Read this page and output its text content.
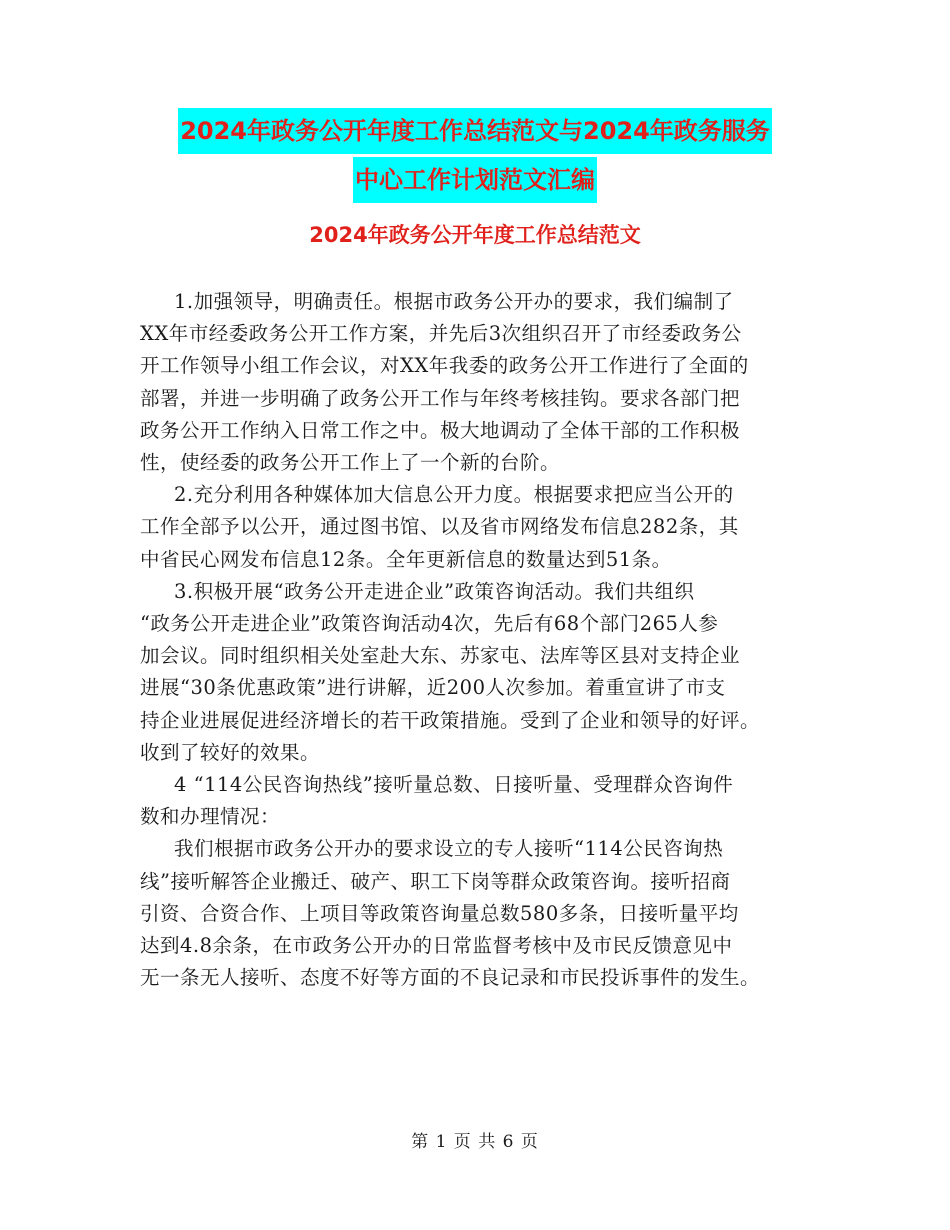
2024年政务公开年度工作总结范文与2024年政务服务
中心工作计划范文汇编
2024年政务公开年度工作总结范文
1.加强领导，明确责任。根据市政务公开办的要求，我们编制了
XX年市经委政务公开工作方案，并先后3次组织召开了市经委政务公
开工作领导小组工作会议，对XX年我委的政务公开工作进行了全面的
部署，并进一步明确了政务公开工作与年终考核挂钩。要求各部门把
政务公开工作纳入日常工作之中。极大地调动了全体干部的工作积极
性，使经委的政务公开工作上了一个新的台阶。
2.充分利用各种媒体加大信息公开力度。根据要求把应当公开的
工作全部予以公开，通过图书馆、以及省市网络发布信息282条，其
中省民心网发布信息12条。全年更新信息的数量达到51条。
3.积极开展“政务公开走进企业”政策咨询活动。我们共组织
“政务公开走进企业”政策咨询活动4次，先后有68个部门265人参
加会议。同时组织相关处室赴大东、苏家屯、法库等区县对支持企业
进展“30条优惠政策”进行讲解，近200人次参加。着重宣讲了市支
持企业进展促进经济增长的若干政策措施。受到了企业和领导的好评。
收到了较好的效果。
4 “114公民咨询热线”接听量总数、日接听量、受理群众咨询件
数和办理情况：
我们根据市政务公开办的要求设立的专人接听“114公民咨询热
线”接听解答企业搬迁、破产、职工下岗等群众政策咨询。接听招商
引资、合资合作、上项目等政策咨询量总数580多条，日接听量平均
达到4.8余条，在市政务公开办的日常监督考核中及市民反馈意见中
无一条无人接听、态度不好等方面的不良记录和市民投诉事件的发生。
第 1 页 共 6 页
